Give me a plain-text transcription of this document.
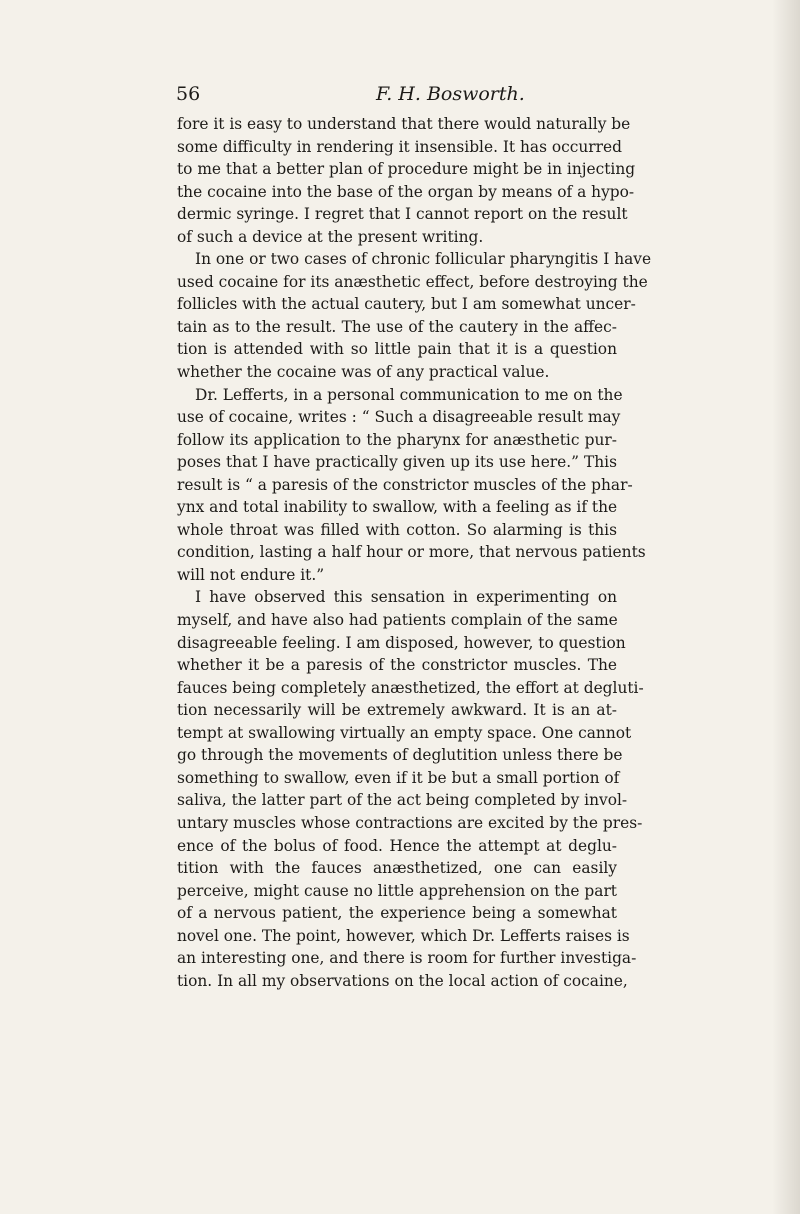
56	F. H. Bosworth.
fore it is easy to understand that there would naturally be
some difficulty in rendering it insensible. It has occurred
to me that a better plan of procedure might be in injecting
the cocaine into the base of the organ by means of a hypo-
dermic syringe. I regret that I cannot report on the result
of such a device at the present writing.
In one or two cases of chronic follicular pharyngitis I have
used cocaine for its anæsthetic effect, before destroying the
follicles with the actual cautery, but I am somewhat uncer-
tain as to the result. The use of the cautery in the affec-
tion is attended with so little pain that it is a question
whether the cocaine was of any practical value.
Dr. Lefferts, in a personal communication to me on the
use of cocaine, writes : “ Such a disagreeable result may
follow its application to the pharynx for anæsthetic pur-
poses that I have practically given up its use here.” This
result is “ a paresis of the constrictor muscles of the phar-
ynx and total inability to swallow, with a feeling as if the
whole throat was filled with cotton. So alarming is this
condition, lasting a half hour or more, that nervous patients
will not endure it.”
I have observed this sensation in experimenting on
myself, and have also had patients complain of the same
disagreeable feeling. I am disposed, however, to question
whether it be a paresis of the constrictor muscles. The
fauces being completely anæsthetized, the effort at degluti-
tion necessarily will be extremely awkward. It is an at-
tempt at swallowing virtually an empty space. One cannot
go through the movements of deglutition unless there be
something to swallow, even if it be but a small portion of
saliva, the latter part of the act being completed by invol-
untary muscles whose contractions are excited by the pres-
ence of the bolus of food. Hence the attempt at deglu-
tition with the fauces anæsthetized, one can easily
perceive, might cause no little apprehension on the part
of a nervous patient, the experience being a somewhat
novel one. The point, however, which Dr. Lefferts raises is
an interesting one, and there is room for further investiga-
tion. In all my observations on the local action of cocaine,
